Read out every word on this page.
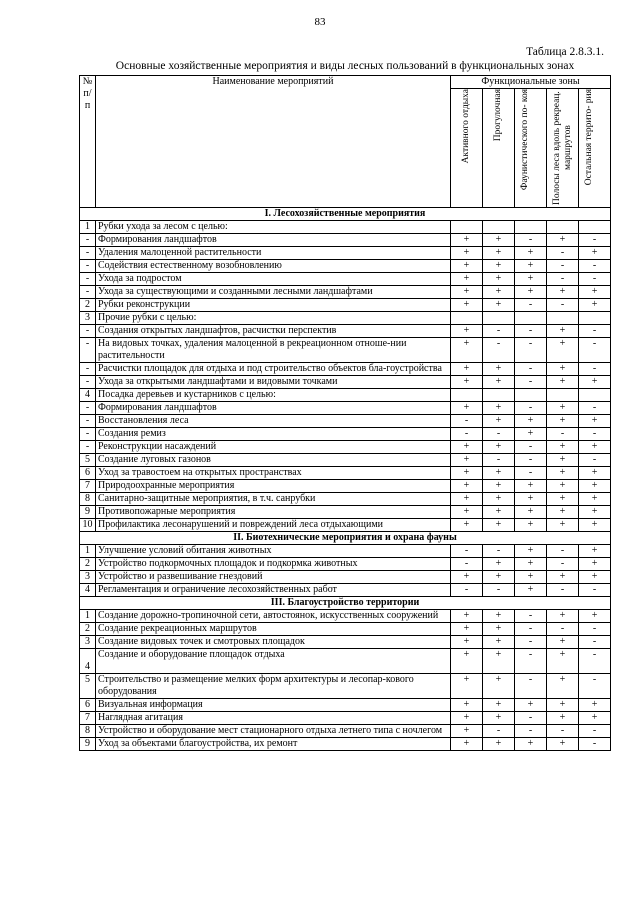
83
Таблица 2.8.3.1.
Основные хозяйственные мероприятия и виды лесных пользований в функциональных зонах
№ п/п	Наименование мероприятий	Функциональные зоны				

		Активного отдыха	Прогулочная	Фаунистического по- коя	Полосы леса вдоль рекреац. маршрутов	Остальная террито- рия

I. Лесохозяйственные мероприятия						
1	Рубки ухода за лесом с целью:					
-	Формирования ландшафтов	+	+	-	+	-
-	Удаления малоценной растительности	+	+	+	-	+
-	Содействия естественному возобновлению	+	+	+	-	-
-	Ухода за подростом	+	+	+	-	-
-	Ухода за существующими и созданными лесными ландшафтами	+	+	+	+	+
2	Рубки реконструкции	+	+	-	-	+
3	Прочие рубки с целью:					
-	Создания открытых ландшафтов, расчистки перспектив	+	-	-	+	-
-	На видовых точках, удаления малоценной в рекреационном отноше-нии растительности	+	-	-	+	-
-	Расчистки площадок для отдыха и под строительство объектов бла-гоустройства	+	+	-	+	-
-	Ухода за открытыми ландшафтами и видовыми точками	+	+	-	+	+
4	Посадка деревьев и кустарников с целью:					
-	Формирования ландшафтов	+	+	-	+	-
-	Восстановления леса	-	+	+	+	+
-	Создания ремиз	-	-	+	-	-
-	Реконструкции насаждений	+	+	-	+	+
5	Создание луговых газонов	+	-	-	+	-
6	Уход за травостоем на открытых пространствах	+	+	-	+	+
7	Природоохранные мероприятия	+	+	+	+	+
8	Санитарно-защитные мероприятия, в т.ч. санрубки	+	+	+	+	+
9	Противопожарные мероприятия	+	+	+	+	+
10	Профилактика лесонарушений и повреждений леса отдыхающими	+	+	+	+	+
II. Биотехнические мероприятия и охрана фауны						
1	Улучшение условий обитания животных	-	-	+	-	+
2	Устройство подкормочных площадок и подкормка животных	-	+	+	-	+
3	Устройство и развешивание гнездовий	+	+	+	+	+
4	Регламентация и ограничение лесохозяйственных работ	-	-	+	-	-
III. Благоустройство территории						
1	Создание дорожно-тропиночной сети, автостоянок, искусственных сооружений	+	+	-	+	+
2	Создание рекреационных маршрутов	+	+	-	-	-
3	Создание видовых точек и смотровых площадок	+	+	-	+	-
4	Создание и оборудование площадок отдыха	+	+	-	+	-
5	Строительство и размещение мелких форм архитектуры и лесопар-кового оборудования	+	+	-	+	-
6	Визуальная информация	+	+	+	+	+
7	Наглядная агитация	+	+	-	+	+
8	Устройство и оборудование мест стационарного отдыха летнего типа с ночлегом	+	-	-	-	-
9	Уход за объектами благоустройства, их ремонт	+	+	+	+	-
